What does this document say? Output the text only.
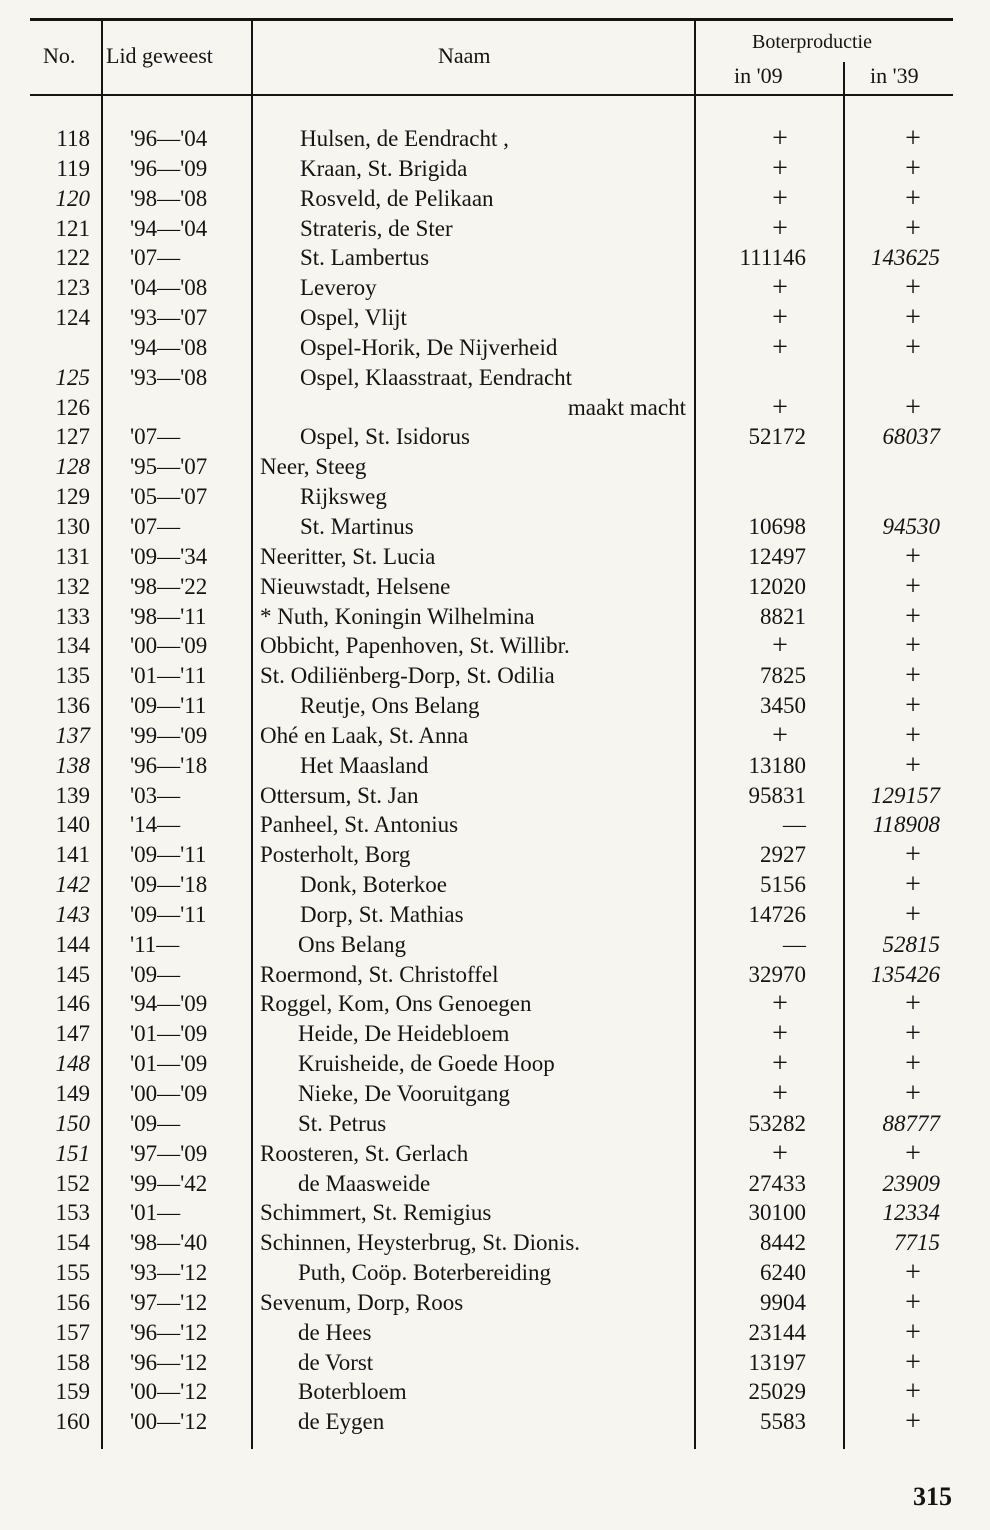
No. Lid geweest	Naam
Boterproductie
in '09	in '39
118 '96—'04	Hulsen, de Eendracht ,	+	+
119 '96—'09	Kraan, St. Brigida	+	+
120 '98—'08	Rosveld, de Pelikaan	+	+
121 '94—'04	Strateris, de Ster	+	+
122 '07—	St. Lambertus	111146	143625
123 '04—'08	Leveroy	+	+
124 '93—'07	Ospel, Vlijt	+	+
'94—'08	Ospel-Horik, De Nijverheid	+	+
125 '93—'08	Ospel, Klaasstraat, Eendracht
126	maakt macht	+	+
127 '07—	Ospel, St. Isidorus	52172	68037
128 '95—'07	Neer, Steeg
129 '05—'07	Rijksweg
130 '07—	St. Martinus	10698	94530
131 '09—'34	Neeritter, St. Lucia	12497	+
132 '98—'22	Nieuwstadt, Helsene	12020	+
133 '98—'11	* Nuth, Koningin Wilhelmina	8821	+
134 '00—'09	Obbicht, Papenhoven, St. Willibr.	+	+
135 '01—'11	St. Odiliënberg-Dorp, St. Odilia	7825	+
136 '09—'11	Reutje, Ons Belang	3450	+
137 '99—'09	Ohé en Laak, St. Anna	+	+
138 '96—'18	Het Maasland	13180	+
139 '03—	Ottersum, St. Jan	95831	129157
140 '14—	Panheel, St. Antonius	—	118908
141 '09—'11	Posterholt, Borg	2927	+
142 '09—'18	Donk, Boterkoe	5156	+
143 '09—'11	Dorp, St. Mathias	14726	+
144 '11—	Ons Belang	—	52815
145 '09—	Roermond, St. Christoffel	32970	135426
146 '94—'09	Roggel, Kom, Ons Genoegen	+	+
147 '01—'09	Heide, De Heidebloem	+	+
148 '01—'09	Kruisheide, de Goede Hoop	+	+
149 '00—'09	Nieke, De Vooruitgang	+	+
150 '09—	St. Petrus	53282	88777
151 '97—'09	Roosteren, St. Gerlach	+	+
152 '99—'42	de Maasweide	27433	23909
153 '01—	Schimmert, St. Remigius	30100	12334
154 '98—'40	Schinnen, Heysterbrug, St. Dionis.	8442	7715
155 '93—'12	Puth, Coöp. Boterbereiding	6240	+
156 '97—'12	Sevenum, Dorp, Roos	9904	+
157 '96—'12	de Hees	23144	+
158 '96—'12	de Vorst	13197	+
159 '00—'12	Boterbloem	25029	+
160 '00—'12	de Eygen	5583	+
315
